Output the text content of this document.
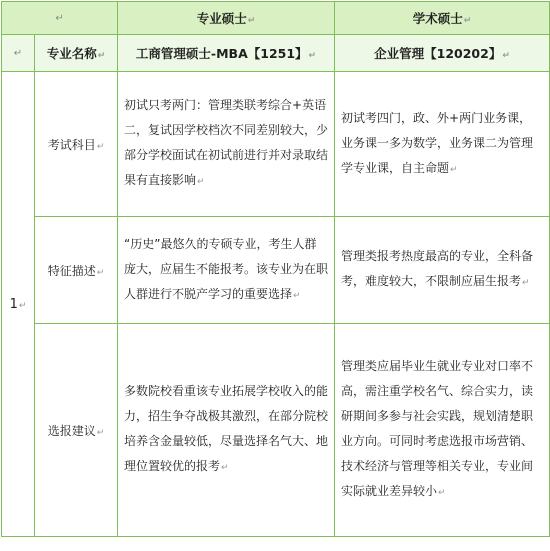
↵		专业硕士↵	学术硕士↵
↵	专业名称↵	工商管理硕士-MBA【1251】↵	企业管理【120202】↵
1↵	考试科目↵	初试只考两门：管理类联考综合+英语二，复试因学校档次不同差别较大，少部分学校面试在初试前进行并对录取结果有直接影响↵	初试考四门，政、外+两门业务课，业务课一多为数学，业务课二为管理学专业课，自主命题↵
	特征描述↵	“历史”最悠久的专硕专业，考生人群庞大，应届生不能报考。该专业为在职人群进行不脱产学习的重要选择↵	管理类报考热度最高的专业，全科备考，难度较大，不限制应届生报考↵
	选报建议↵	多数院校看重该专业拓展学校收入的能力，招生争夺战极其激烈，在部分院校培养含金量较低，尽量选择名气大、地理位置较优的报考↵	管理类应届毕业生就业专业对口率不高，需注重学校名气、综合实力，读研期间多参与社会实践，规划清楚职业方向。可同时考虑选报市场营销、技术经济与管理等相关专业，专业间实际就业差异较小↵
